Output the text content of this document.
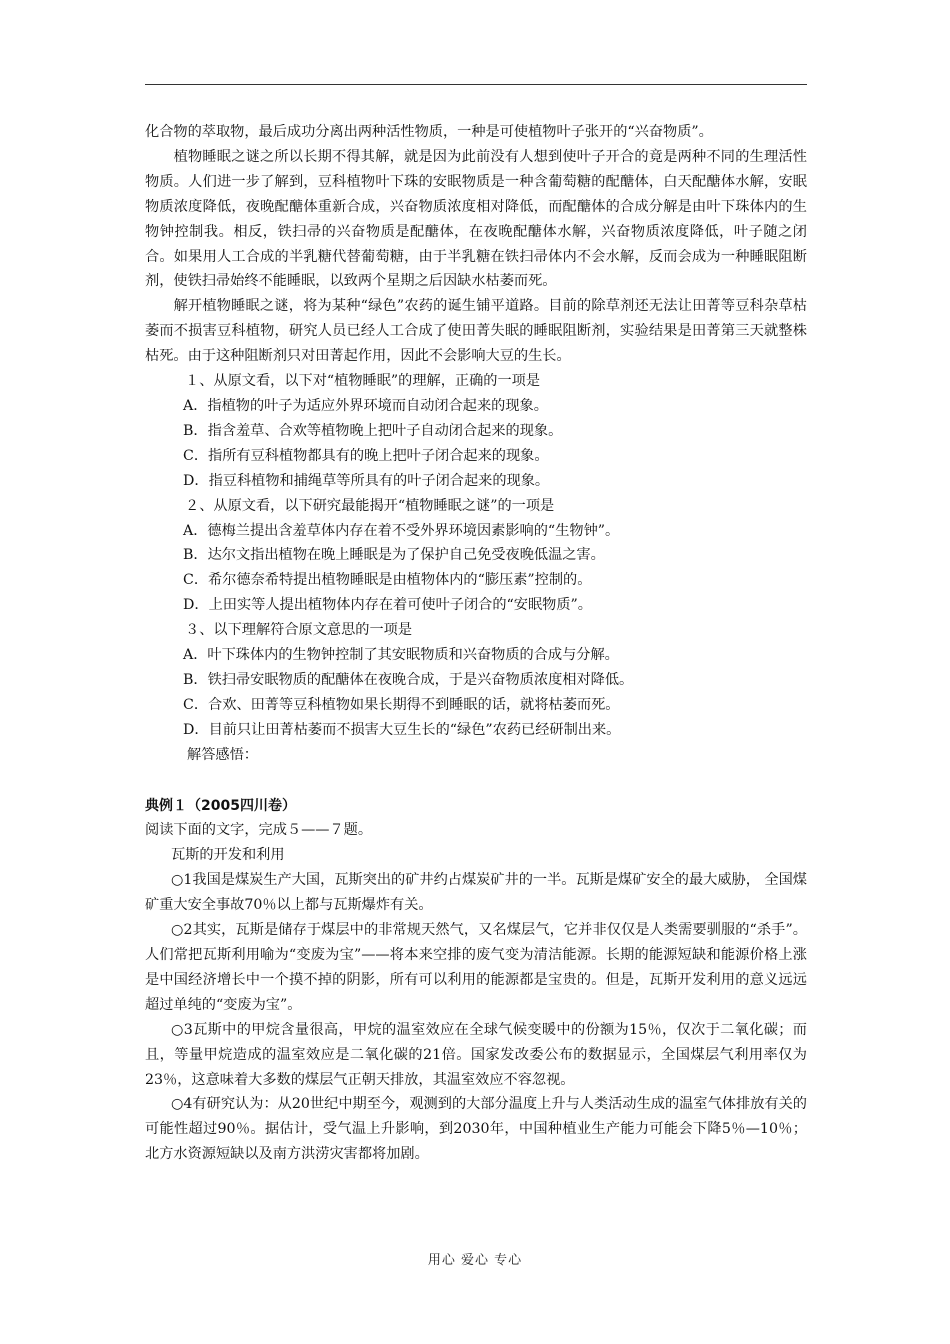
化合物的萃取物，最后成功分离出两种活性物质，一种是可使植物叶子张开的“兴奋物质”。

植物睡眠之谜之所以长期不得其解，就是因为此前没有人想到使叶子开合的竟是两种不同的生理活性物质。人们进一步了解到，豆科植物叶下珠的安眠物质是一种含葡萄糖的配醣体，白天配醣体水解，安眠物质浓度降低，夜晚配醣体重新合成，兴奋物质浓度相对降低，而配醣体的合成分解是由叶下珠体内的生物钟控制我。相反，铁扫帚的兴奋物质是配醣体，在夜晚配醣体水解，兴奋物质浓度降低，叶子随之闭合。如果用人工合成的半乳糖代替葡萄糖，由于半乳糖在铁扫帚体内不会水解，反而会成为一种睡眠阻断剂，使铁扫帚始终不能睡眠，以致两个星期之后因缺水枯萎而死。

解开植物睡眠之谜，将为某种“绿色”农药的诞生铺平道路。目前的除草剂还无法让田菁等豆科杂草枯萎而不损害豆科植物，研究人员已经人工合成了使田菁失眠的睡眠阻断剂，实验结果是田菁第三天就整株枯死。由于这种阻断剂只对田菁起作用，因此不会影响大豆的生长。

１、从原文看，以下对“植物睡眠”的理解，正确的一项是

A．指植物的叶子为适应外界环境而自动闭合起来的现象。

B．指含羞草、合欢等植物晚上把叶子自动闭合起来的现象。

C．指所有豆科植物都具有的晚上把叶子闭合起来的现象。

D．指豆科植物和捕绳草等所具有的叶子闭合起来的现象。

２、从原文看，以下研究最能揭开“植物睡眠之谜”的一项是

A．德梅兰提出含羞草体内存在着不受外界环境因素影响的“生物钟”。

B．达尔文指出植物在晚上睡眠是为了保护自己免受夜晚低温之害。

C．希尔德奈希特提出植物睡眠是由植物体内的“膨压素”控制的。

D．上田实等人提出植物体内存在着可使叶子闭合的“安眠物质”。

３、以下理解符合原文意思的一项是

A．叶下珠体内的生物钟控制了其安眠物质和兴奋物质的合成与分解。

B．铁扫帚安眠物质的配醣体在夜晚合成，于是兴奋物质浓度相对降低。

C．合欢、田菁等豆科植物如果长期得不到睡眠的话，就将枯萎而死。

D．目前只让田菁枯萎而不损害大豆生长的“绿色”农药已经研制出来。

解答感悟：

典例１（2005四川卷）

阅读下面的文字，完成５——７题。

瓦斯的开发和利用

○1我国是煤炭生产大国，瓦斯突出的矿井约占煤炭矿井的一半。瓦斯是煤矿安全的最大威胁， 全国煤矿重大安全事故70％以上都与瓦斯爆炸有关。

○2其实，瓦斯是储存于煤层中的非常规天然气，又名煤层气，它并非仅仅是人类需要驯服的“杀手”。人们常把瓦斯利用喻为“变废为宝”——将本来空排的废气变为清洁能源。长期的能源短缺和能源价格上涨是中国经济增长中一个摸不掉的阴影，所有可以利用的能源都是宝贵的。但是，瓦斯开发利用的意义远远超过单纯的“变废为宝”。

○3瓦斯中的甲烷含量很高，甲烷的温室效应在全球气候变暖中的份额为15％，仅次于二氧化碳；而且，等量甲烷造成的温室效应是二氧化碳的21倍。国家发改委公布的数据显示，全国煤层气利用率仅为23％，这意味着大多数的煤层气正朝天排放，其温室效应不容忽视。

○4有研究认为：从20世纪中期至今，观测到的大部分温度上升与人类活动生成的温室气体排放有关的可能性超过90％。据估计，受气温上升影响，到2030年，中国种植业生产能力可能会下降5％—10％；北方水资源短缺以及南方洪涝灾害都将加剧。

用心 爱心 专心
